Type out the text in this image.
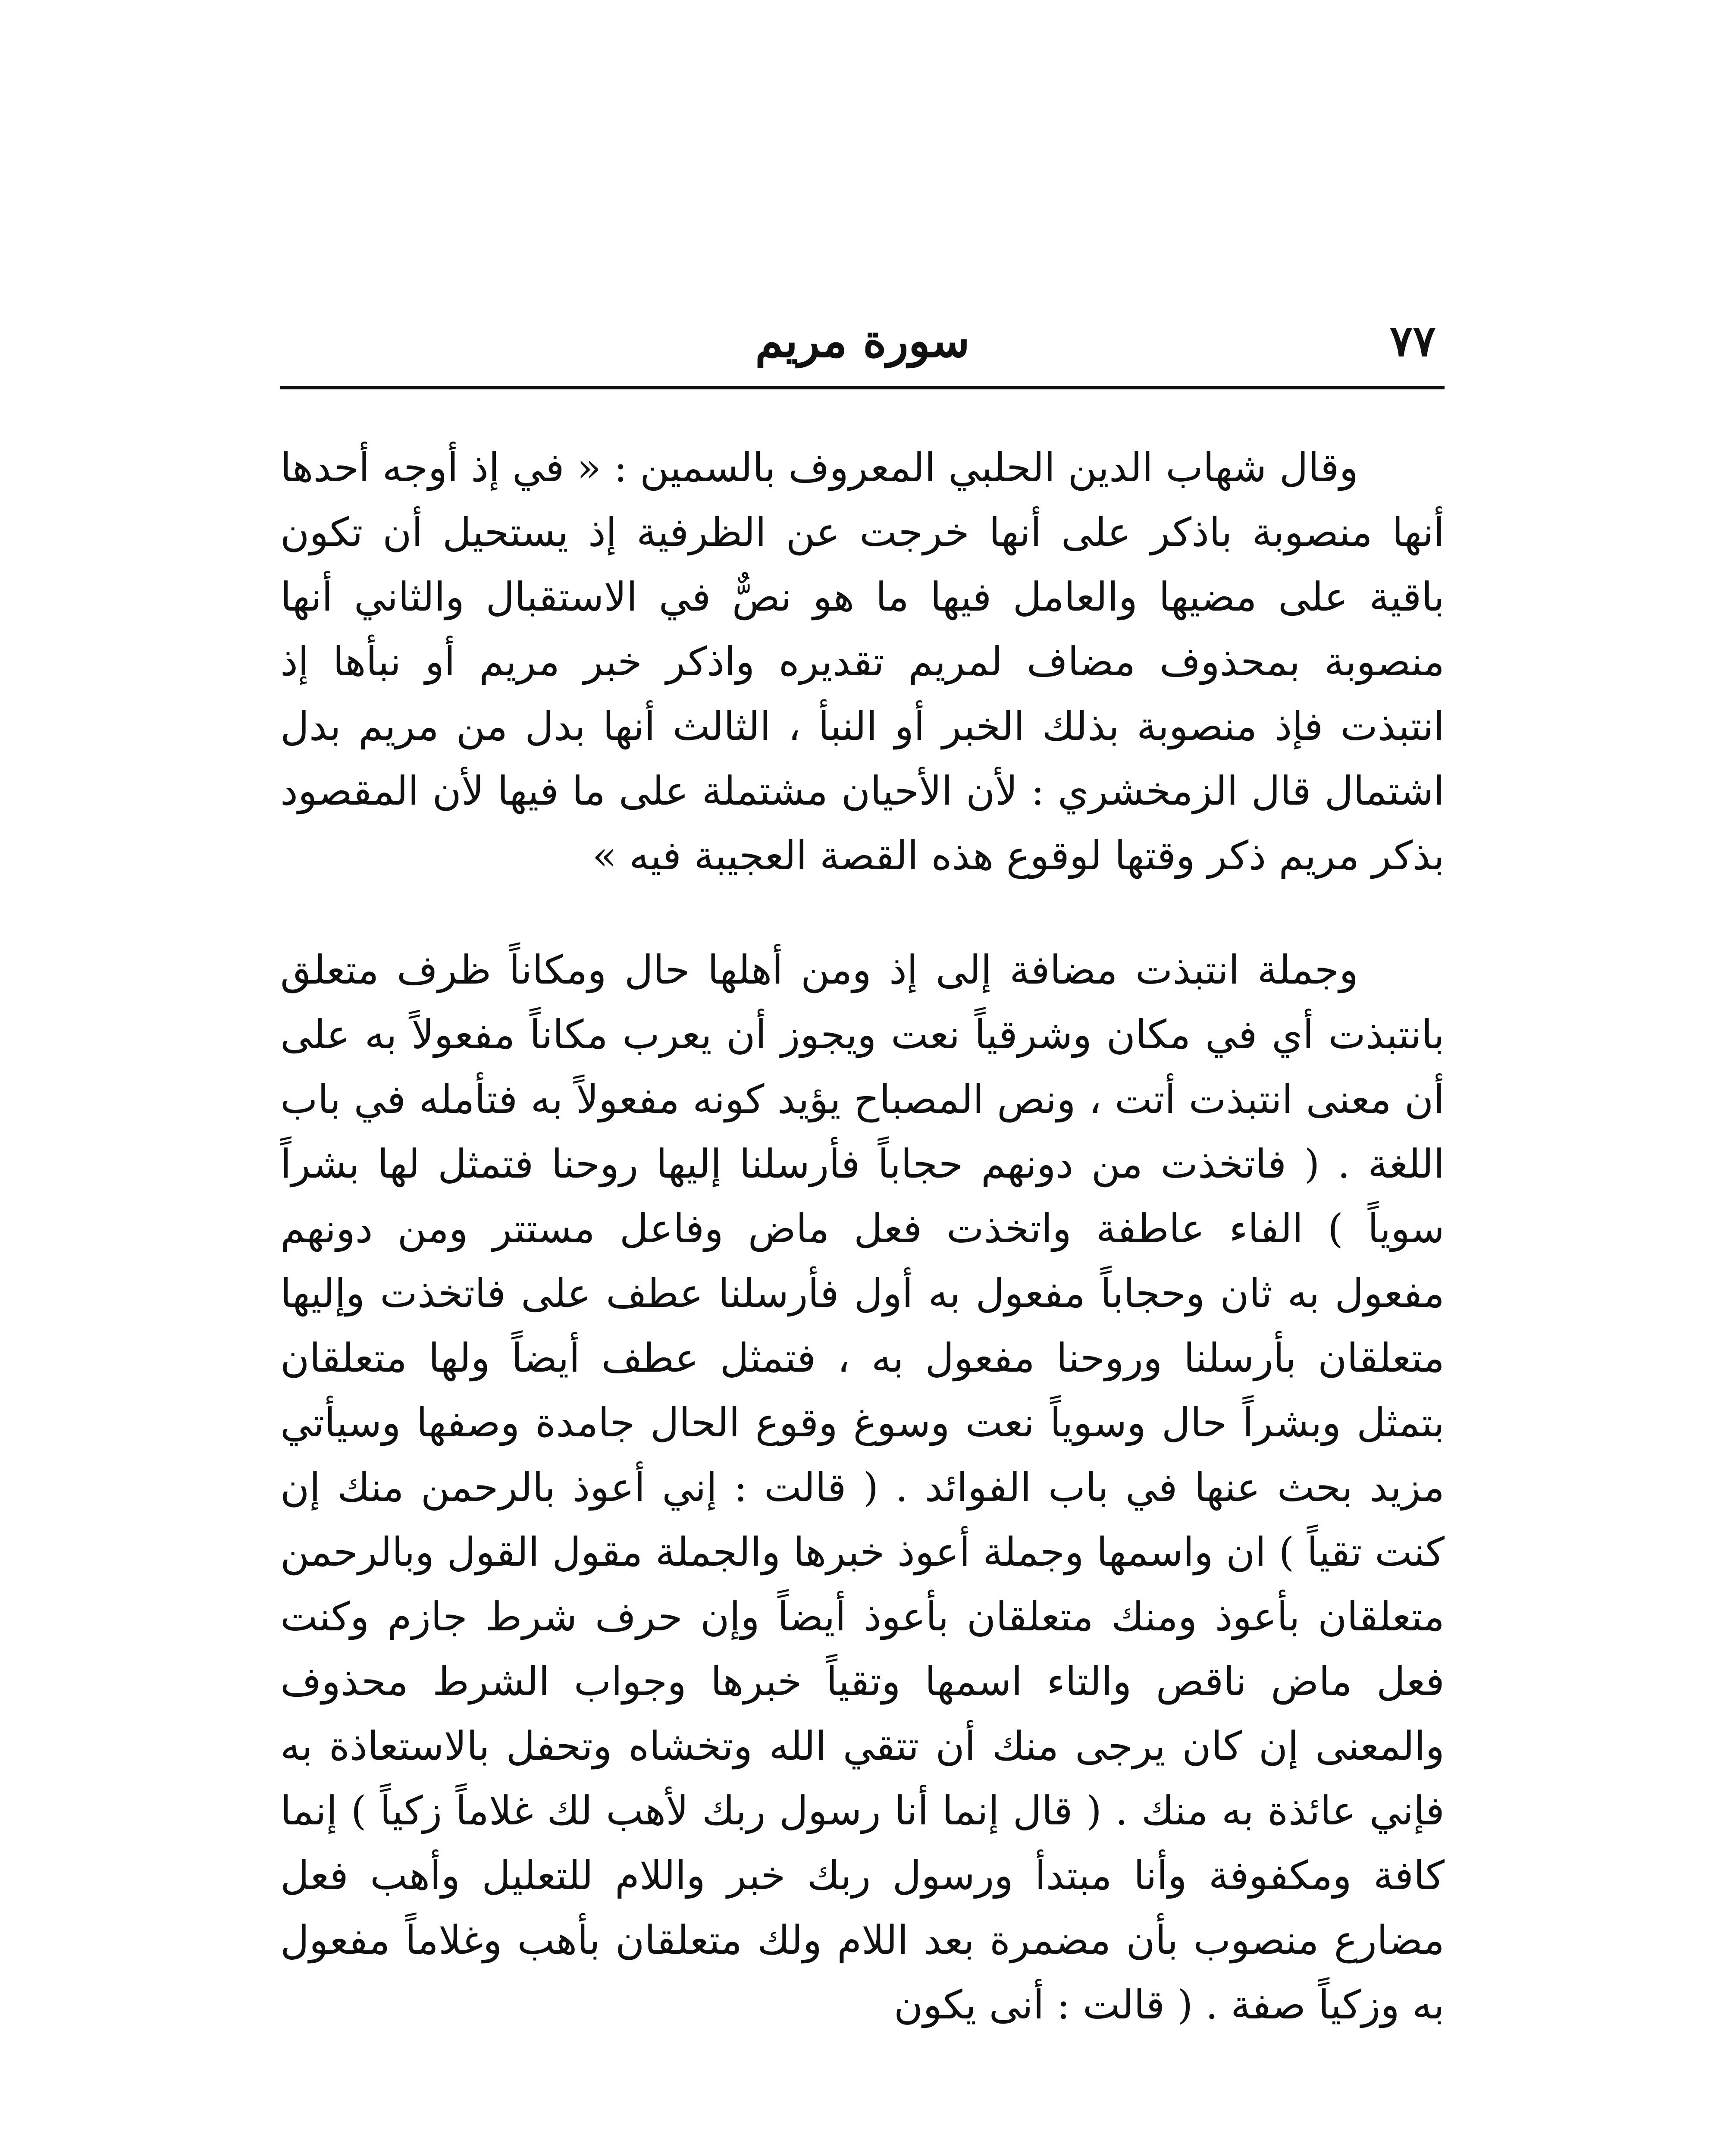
سورة مريم	٧٧

وقال شهاب الدين الحلبي المعروف بالسمين : « في إذ أوجه أحدها أنها منصوبة باذكر على أنها خرجت عن الظرفية إذ يستحيل أن تكون باقية على مضيها والعامل فيها ما هو نصٌّ في الاستقبال والثاني أنها منصوبة بمحذوف مضاف لمريم تقديره واذكر خبر مريم أو نبأها إذ انتبذت فإذ منصوبة بذلك الخبر أو النبأ ، الثالث أنها بدل من مريم بدل اشتمال قال الزمخشري : لأن الأحيان مشتملة على ما فيها لأن المقصود بذكر مريم ذكر وقتها لوقوع هذه القصة العجيبة فيه »

وجملة انتبذت مضافة إلى إذ ومن أهلها حال ومكاناً ظرف متعلق بانتبذت أي في مكان وشرقياً نعت ويجوز أن يعرب مكاناً مفعولاً به على أن معنى انتبذت أتت ، ونص المصباح يؤيد كونه مفعولاً به فتأمله في باب اللغة . ( فاتخذت من دونهم حجاباً فأرسلنا إليها روحنا فتمثل لها بشراً سوياً ) الفاء عاطفة واتخذت فعل ماض وفاعل مستتر ومن دونهم مفعول به ثان وحجاباً مفعول به أول فأرسلنا عطف على فاتخذت وإليها متعلقان بأرسلنا وروحنا مفعول به ، فتمثل عطف أيضاً ولها متعلقان بتمثل وبشراً حال وسوياً نعت وسوغ وقوع الحال جامدة وصفها وسيأتي مزيد بحث عنها في باب الفوائد . ( قالت : إني أعوذ بالرحمن منك إن كنت تقياً ) ان واسمها وجملة أعوذ خبرها والجملة مقول القول وبالرحمن متعلقان بأعوذ ومنك متعلقان بأعوذ أيضاً وإن حرف شرط جازم وكنت فعل ماض ناقص والتاء اسمها وتقياً خبرها وجواب الشرط محذوف والمعنى إن كان يرجى منك أن تتقي الله وتخشاه وتحفل بالاستعاذة به فإني عائذة به منك . ( قال إنما أنا رسول ربك لأهب لك غلاماً زكياً ) إنما كافة ومكفوفة وأنا مبتدأ ورسول ربك خبر واللام للتعليل وأهب فعل مضارع منصوب بأن مضمرة بعد اللام ولك متعلقان بأهب وغلاماً مفعول به وزكياً صفة . ( قالت : أنى يكون
